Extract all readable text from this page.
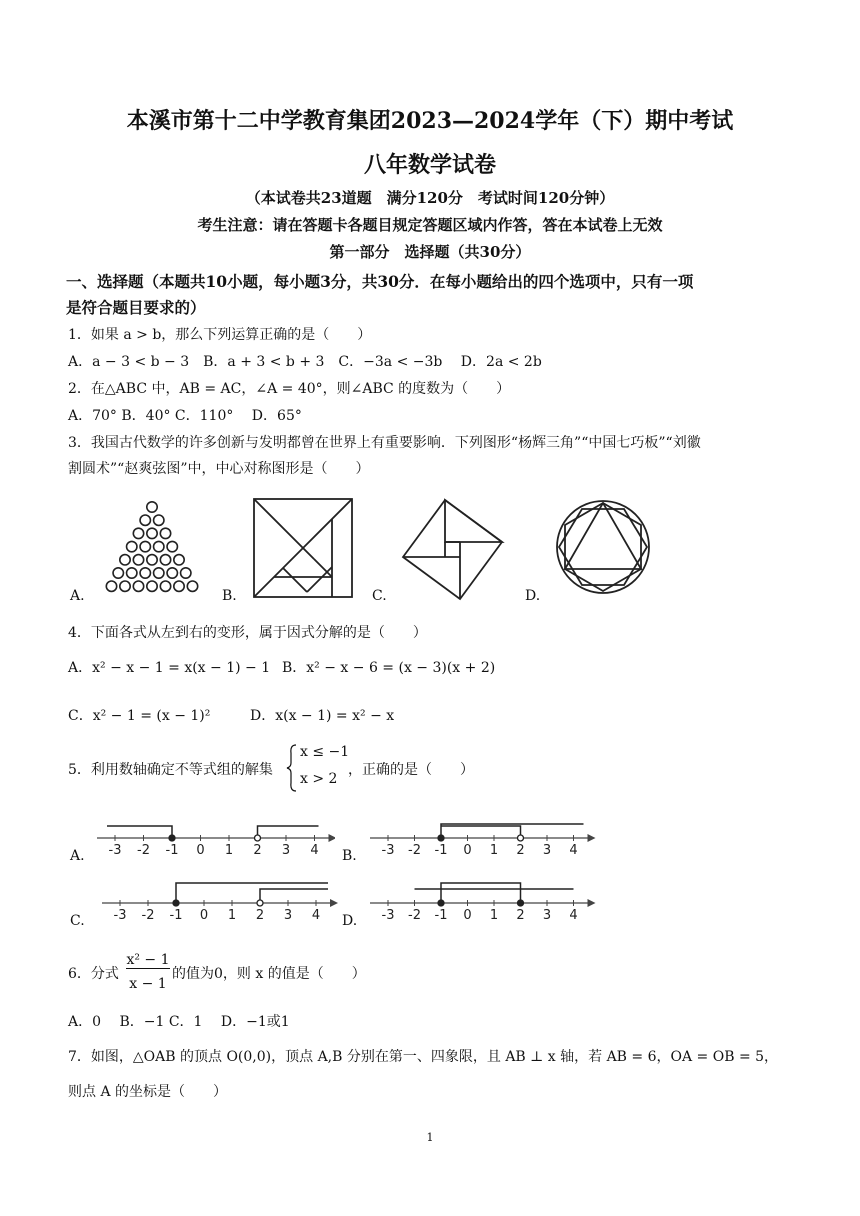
本溪市第十二中学教育集团2023—2024学年（下）期中考试
八年数学试卷
（本试卷共23道题　满分120分　考试时间120分钟）
考生注意：请在答题卡各题目规定答题区域内作答，答在本试卷上无效
第一部分　选择题（共30分）
一、选择题（本题共10小题，每小题3分，共30分．在每小题给出的四个选项中，只有一项
是符合题目要求的）
1．如果 a > b，那么下列运算正确的是（　　）
A．a − 3 < b − 3　B．a + 3 < b + 3　C．−3a < −3b　 D．2a < 2b
2．在△ABC 中，AB = AC，∠A = 40°，则∠ABC 的度数为（　　）
A．70° B．40° C．110°　 D．65°
3．我国古代数学的许多创新与发明都曾在世界上有重要影响．下列图形“杨辉三角”“中国七巧板”“刘徽
割圆术”“赵爽弦图”中，中心对称图形是（　　）
A.	B.	C.	D.
4．下面各式从左到右的变形，属于因式分解的是（　　）
A．x² − x − 1 = x(x − 1) − 1 B．x² − x − 6 = (x − 3)(x + 2)
C．x² − 1 = (x − 1)²	D．x(x − 1) = x² − x
5．利用数轴确定不等式组的解集
x ≤ −1
x > 2
，正确的是（　　）
A. -3 -2 -1 0 1 2 3 4 B. -3 -2 -1 0 1 2 3 4
C. -3 -2 -1 0 1 2 3 4 D. -3 -2 -1 0 1 2 3 4
6．分式
x² − 1
x − 1
的值为0，则 x 的值是（　　）
A．0　 B．−1 C．1　 D．−1或1
7．如图，△OAB 的顶点 O(0,0)，顶点 A,B 分别在第一、四象限，且 AB ⊥ x 轴，若 AB = 6，OA = OB = 5，
则点 A 的坐标是（　　）
1
